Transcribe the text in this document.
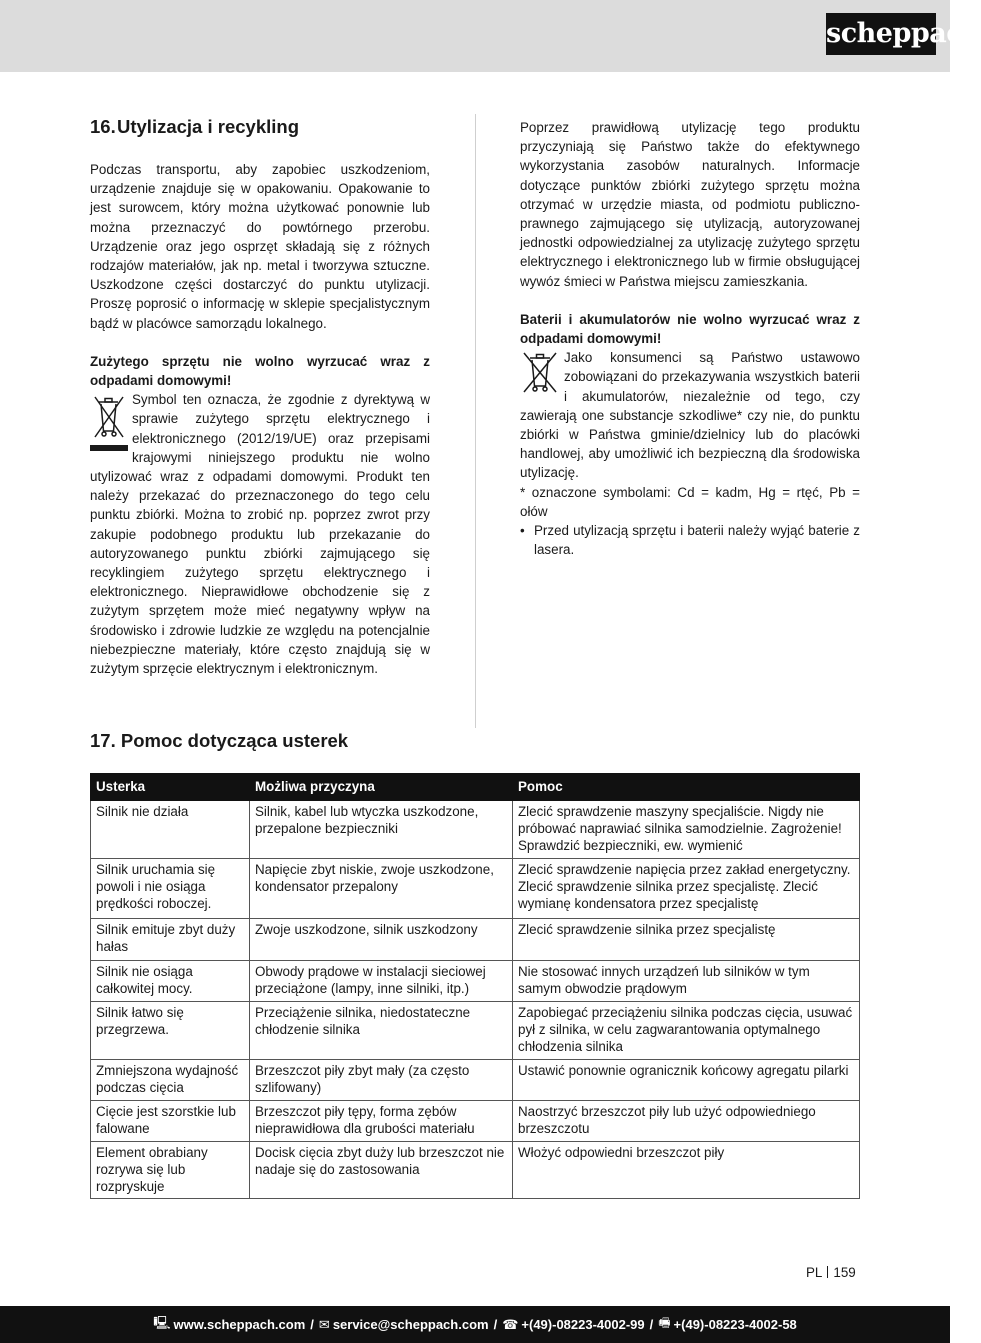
scheppach
16.Utylizacja i recykling

Podczas transportu, aby zapobiec uszkodzeniom, urządzenie znajduje się w opakowaniu. Opakowanie to jest surowcem, który można użytkować ponownie lub można przeznaczyć do powtórnego przerobu. Urządzenie oraz jego osprzęt składają się z różnych rodzajów materiałów, jak np. metal i tworzywa sztuczne. Uszkodzone części dostarczyć do punktu utylizacji. Proszę poprosić o informację w sklepie specjalistycznym bądź w placówce samorządu lokalnego.

Zużytego sprzętu nie wolno wyrzucać wraz z odpadami domowymi!

Symbol ten oznacza, że zgodnie z dyrektywą w sprawie zużytego sprzętu elektrycznego i elektronicznego (2012/19/UE) oraz przepisami krajowymi niniejszego produktu nie wolno utylizować wraz z odpadami domowymi. Produkt ten należy przekazać do przeznaczonego do tego celu punktu zbiórki. Można to zrobić np. poprzez zwrot przy zakupie podobnego produktu lub przekazanie do autoryzowanego punktu zbiórki zajmującego się recyklingiem zużytego sprzętu elektrycznego i elektronicznego. Nieprawidłowe obchodzenie się z zużytym sprzętem może mieć negatywny wpływ na środowisko i zdrowie ludzkie ze względu na potencjalnie niebezpieczne materiały, które często znajdują się w zużytym sprzęcie elektrycznym i elektronicznym.

Poprzez prawidłową utylizację tego produktu przyczyniają się Państwo także do efektywnego wykorzystania zasobów naturalnych. Informacje dotyczące punktów zbiórki zużytego sprzętu można otrzymać w urzędzie miasta, od podmiotu publiczno-prawnego zajmującego się utylizacją, autoryzowanej jednostki odpowiedzialnej za utylizację zużytego sprzętu elektrycznego i elektronicznego lub w firmie obsługującej wywóz śmieci w Państwa miejscu zamieszkania.

Baterii i akumulatorów nie wolno wyrzucać wraz z odpadami domowymi!

Jako konsumenci są Państwo ustawowo zobowiązani do przekazywania wszystkich baterii i akumulatorów, niezależnie od tego, czy zawierają one substancje szkodliwe* czy nie, do punktu zbiórki w Państwa gminie/dzielnicy lub do placówki handlowej, aby umożliwić ich bezpieczną dla środowiska utylizację.

* oznaczone symbolami: Cd = kadm, Hg = rtęć, Pb = ołów

• Przed utylizacją sprzętu i baterii należy wyjąć baterie z lasera.
17. Pomoc dotycząca usterek
Usterka	Możliwa przyczyna	Pomoc
Silnik nie działa	Silnik, kabel lub wtyczka uszkodzone, przepalone bezpieczniki	Zlecić sprawdzenie maszyny specjaliście. Nigdy nie próbować naprawiać silnika samodzielnie. Zagrożenie! Sprawdzić bezpieczniki, ew. wymienić
Silnik uruchamia się powoli i nie osiąga prędkości roboczej.	Napięcie zbyt niskie, zwoje uszkodzone, kondensator przepalony	Zlecić sprawdzenie napięcia przez zakład energetyczny. Zlecić sprawdzenie silnika przez specjalistę. Zlecić wymianę kondensatora przez specjalistę
Silnik emituje zbyt duży hałas	Zwoje uszkodzone, silnik uszkodzony	Zlecić sprawdzenie silnika przez specjalistę
Silnik nie osiąga całkowitej mocy.	Obwody prądowe w instalacji sieciowej przeciążone (lampy, inne silniki, itp.)	Nie stosować innych urządzeń lub silników w tym samym obwodzie prądowym
Silnik łatwo się przegrzewa.	Przeciążenie silnika, niedostateczne chłodzenie silnika	Zapobiegać przeciążeniu silnika podczas cięcia, usuwać pył z silnika, w celu zagwarantowania optymalnego chłodzenia silnika
Zmniejszona wydajność podczas cięcia	Brzeszczot piły zbyt mały (za często szlifowany)	Ustawić ponownie ogranicznik końcowy agregatu pilarki
Cięcie jest szorstkie lub falowane	Brzeszczot piły tępy, forma zębów nieprawidłowa dla grubości materiału	Naostrzyć brzeszczot piły lub użyć odpowiedniego brzeszczotu
Element obrabiany rozrywa się lub rozpryskuje	Docisk cięcia zbyt duży lub brzeszczot nie nadaje się do zastosowania	Włożyć odpowiedni brzeszczot piły
PL 159
🖳 www.scheppach.com / ✉ service@scheppach.com / ☎ +(49)-08223-4002-99 / 🖷 +(49)-08223-4002-58
